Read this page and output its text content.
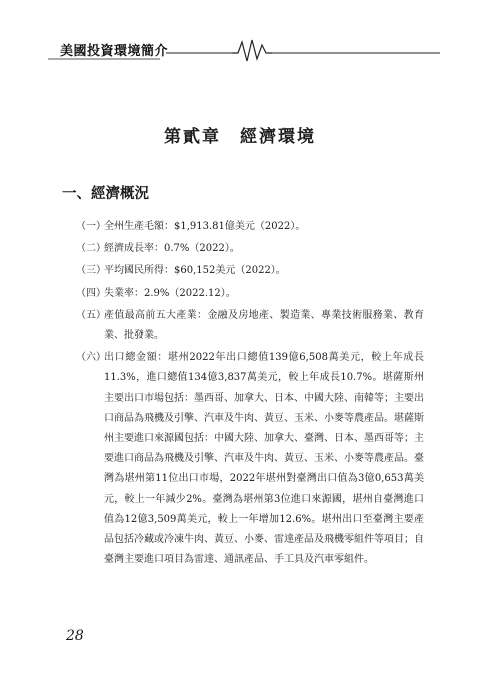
美國投資環境簡介
第貳章　經濟環境
一、經濟概況
（一）
全州生產毛額：$1,913.81億美元（2022）。
（二）
經濟成長率：0.7%（2022）。
（三）
平均國民所得：$60,152美元（2022）。
（四）
失業率：2.9%（2022.12）。
（五）
產值最高前五大產業：金融及房地產、製造業、專業技術服務業、教育業、批發業。
（六）
出口總金額：堪州2022年出口總值139億6,508萬美元，較上年成長11.3%，進口總值134億3,837萬美元，較上年成長10.7%。堪薩斯州主要出口市場包括：墨西哥、加拿大、日本、中國大陸、南韓等；主要出口商品為飛機及引擎、汽車及牛肉、黃豆、玉米、小麥等農產品。堪薩斯州主要進口來源國包括：中國大陸、加拿大、臺灣、日本、墨西哥等；主要進口商品為飛機及引擎、汽車及牛肉、黃豆、玉米、小麥等農產品。臺灣為堪州第11位出口市場，2022年堪州對臺灣出口值為3億0,653萬美元，較上一年減少2%。臺灣為堪州第3位進口來源國，堪州自臺灣進口值為12億3,509萬美元，較上一年增加12.6%。堪州出口至臺灣主要產品包括冷藏或冷凍牛肉、黃豆、小麥、雷達產品及飛機零組件等項目；自臺灣主要進口項目為雷達、通訊產品、手工具及汽車零組件。
28
